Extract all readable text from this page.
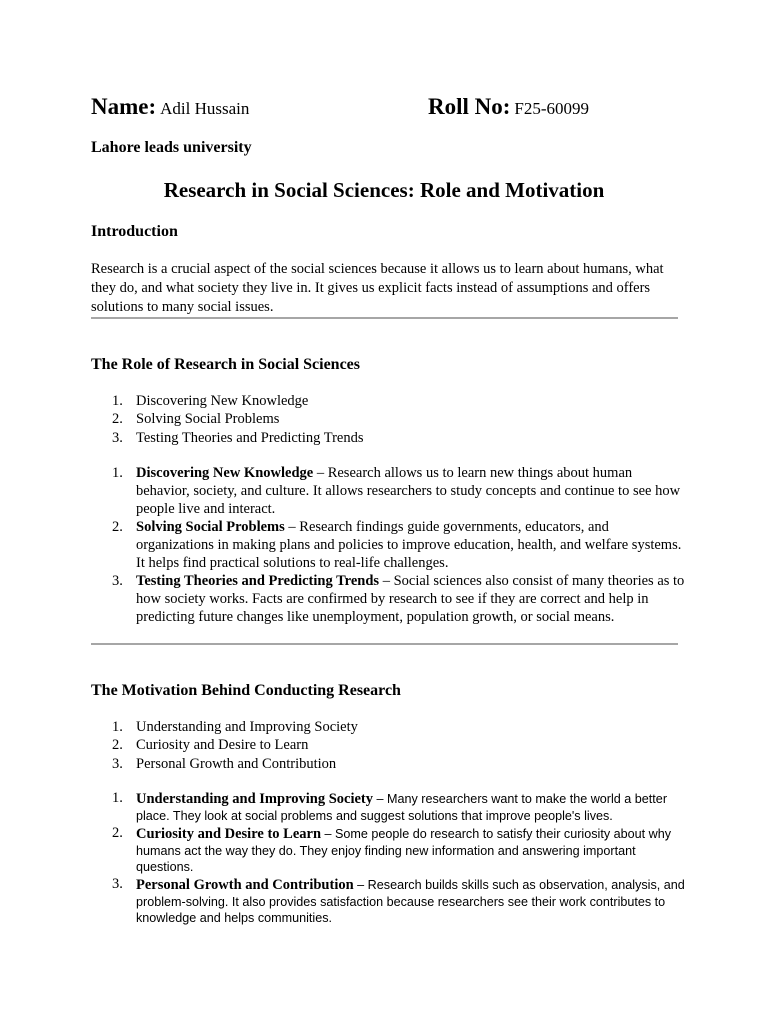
Name: Adil Hussain	Roll No: F25-60099
Lahore leads university
Research in Social Sciences: Role and Motivation
Introduction
Research is a crucial aspect of the social sciences because it allows us to learn about humans, what they do, and what society they live in. It gives us explicit facts instead of assumptions and offers solutions to many social issues.
The Role of Research in Social Sciences
1. Discovering New Knowledge
2. Solving Social Problems
3. Testing Theories and Predicting Trends
1. Discovering New Knowledge – Research allows us to learn new things about human behavior, society, and culture. It allows researchers to study concepts and continue to see how people live and interact.
2. Solving Social Problems – Research findings guide governments, educators, and organizations in making plans and policies to improve education, health, and welfare systems. It helps find practical solutions to real-life challenges.
3. Testing Theories and Predicting Trends – Social sciences also consist of many theories as to how society works. Facts are confirmed by research to see if they are correct and help in predicting future changes like unemployment, population growth, or social means.
The Motivation Behind Conducting Research
1. Understanding and Improving Society
2. Curiosity and Desire to Learn
3. Personal Growth and Contribution
1. Understanding and Improving Society – Many researchers want to make the world a better place. They look at social problems and suggest solutions that improve people's lives.
2. Curiosity and Desire to Learn – Some people do research to satisfy their curiosity about why humans act the way they do. They enjoy finding new information and answering important questions.
3. Personal Growth and Contribution – Research builds skills such as observation, analysis, and problem-solving. It also provides satisfaction because researchers see their work contributes to knowledge and helps communities.
